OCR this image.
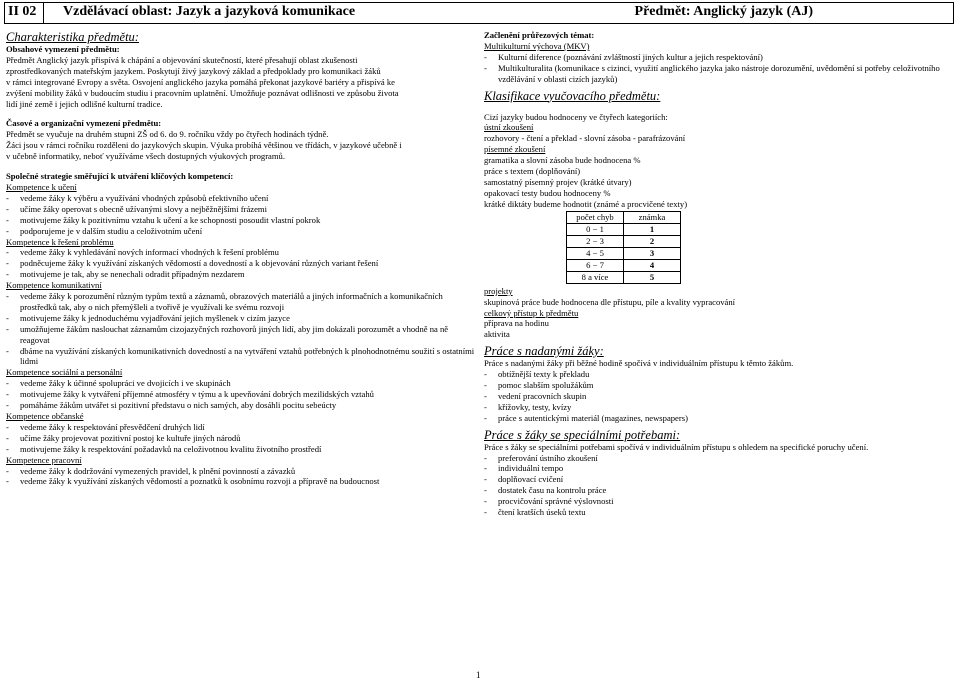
II 02 Vzdělávací oblast: Jazyk a jazyková komunikace	Předmět: Anglický jazyk (AJ)
Charakteristika předmětu:
Obsahové vymezení předmětu:
Předmět Anglický jazyk přispívá k chápání a objevování skutečností, které přesahují oblast zkušenosti
zprostředkovaných mateřským jazykem. Poskytují živý jazykový základ a předpoklady pro komunikaci žáků
v rámci integrované Evropy a světa. Osvojení anglického jazyka pomáhá překonat jazykové bariéry a přispívá ke
zvýšení mobility žáků v budoucím studiu i pracovním uplatnění. Umožňuje poznávat odlišnosti ve způsobu života
lidí jiné země i jejich odlišné kulturní tradice.
Časové a organizační vymezení předmětu:
Předmět se vyučuje na druhém stupni ZŠ od 6. do 9. ročníku vždy po čtyřech hodinách týdně.
Žáci jsou v rámci ročníku rozděleni do jazykových skupin. Výuka probíhá většinou ve třídách, v jazykové učebně i
v učebně informatiky, neboť využíváme všech dostupných výukových programů.
Společné strategie směřující k utváření klíčových kompetencí:
Kompetence k učení
-	vedeme žáky k výběru a využívání vhodných způsobů efektivního učení
-	učíme žáky operovat s obecně užívanými slovy a nejběžnějšími frázemi
-	motivujeme žáky k pozitivnímu vztahu k učení a ke schopnosti posoudit vlastní pokrok
-	podporujeme je v dalším studiu a celoživotním učení
Kompetence k řešení problému
-	vedeme žáky k vyhledávání nových informací vhodných k řešení problému
-	podněcujeme žáky k využívání získaných vědomostí a dovedností a k objevování různých variant řešení
-	motivujeme je tak, aby se nenechali odradit případným nezdarem
Kompetence komunikativní
-	vedeme žáky k porozumění různým typům textů a záznamů, obrazových materiálů a jiných informačních a komunikačních prostředků tak, aby o nich přemýšleli a tvořivě je využívali ke svému rozvoji
-	motivujeme žáky k jednoduchému vyjadřování jejich myšlenek v cizím jazyce
-	umožňujeme žákům naslouchat záznamům cizojazyčných rozhovorů jiných lidí, aby jim dokázali porozumět a vhodně na ně reagovat
-	dbáme na využívání získaných komunikativních dovedností a na vytváření vztahů potřebných k plnohodnotnému soužití s ostatními lidmi
Kompetence sociální a personální
-	vedeme žáky k účinné spolupráci ve dvojicích i ve skupinách
-	motivujeme žáky k vytváření příjemné atmosféry v týmu a k upevňování dobrých mezilidských vztahů
-	pomáháme žákům utvářet si pozitivní představu o nich samých, aby dosáhli pocitu sebeúcty
Kompetence občanské
-	vedeme žáky k respektování přesvědčení druhých lidí
-	učíme žáky projevovat pozitivní postoj ke kultuře jiných národů
-	motivujeme žáky k respektování požadavků na celoživotnou kvalitu životního prostředí
Kompetence pracovní
-	vedeme žáky k dodržování vymezených pravidel, k plnění povinností a závazků
-	vedeme žáky k využívání získaných vědomostí a poznatků k osobnímu rozvoji a přípravě na budoucnost
Začlenění průřezových témat:
Multikulturní výchova (MKV)
-	Kulturní diference (poznávání zvláštností jiných kultur a jejich respektování)
-	Multikulturalita (komunikace s cizinci, využití anglického jazyka jako nástroje dorozumění, uvědomění si potřeby celoživotního vzdělávání v oblasti cizích jazyků)
Klasifikace vyučovacího předmětu:
Cizí jazyky budou hodnoceny ve čtyřech kategoriích:
ústní zkoušení
rozhovory - čtení a překlad - slovní zásoba - parafrázování
písemné zkoušení
gramatika a slovní zásoba bude hodnocena %
práce s textem (doplňování)
samostatný písemný projev (krátké útvary)
opakovací testy budou hodnoceny %
krátké diktáty budeme hodnotit (známé a procvičené texty)
počet chyb	známka
0 − 1	1
2 − 3	2
4 − 5	3
6 − 7	4
8 a více	5
projekty
skupinová práce bude hodnocena dle přístupu, píle a kvality vypracování
celkový přístup k předmětu
příprava na hodinu
aktivita
Práce s nadanými žáky:
Práce s nadanými žáky při běžné hodině spočívá v individuálním přístupu k těmto žákům.
-	obtížnější texty k překladu
-	pomoc slabším spolužákům
-	vedení pracovních skupin
-	křížovky, testy, kvízy
-	práce s autentickými materiál (magazines, newspapers)
Práce s žáky se speciálními potřebami:
Práce s žáky se speciálními potřebami spočívá v individuálním přístupu s ohledem na specifické poruchy učení.
-	preferování ústního zkoušení
-	individuální tempo
-	doplňovací cvičení
-	dostatek času na kontrolu práce
-	procvičování správné výslovnosti
-	čtení kratších úseků textu
1
